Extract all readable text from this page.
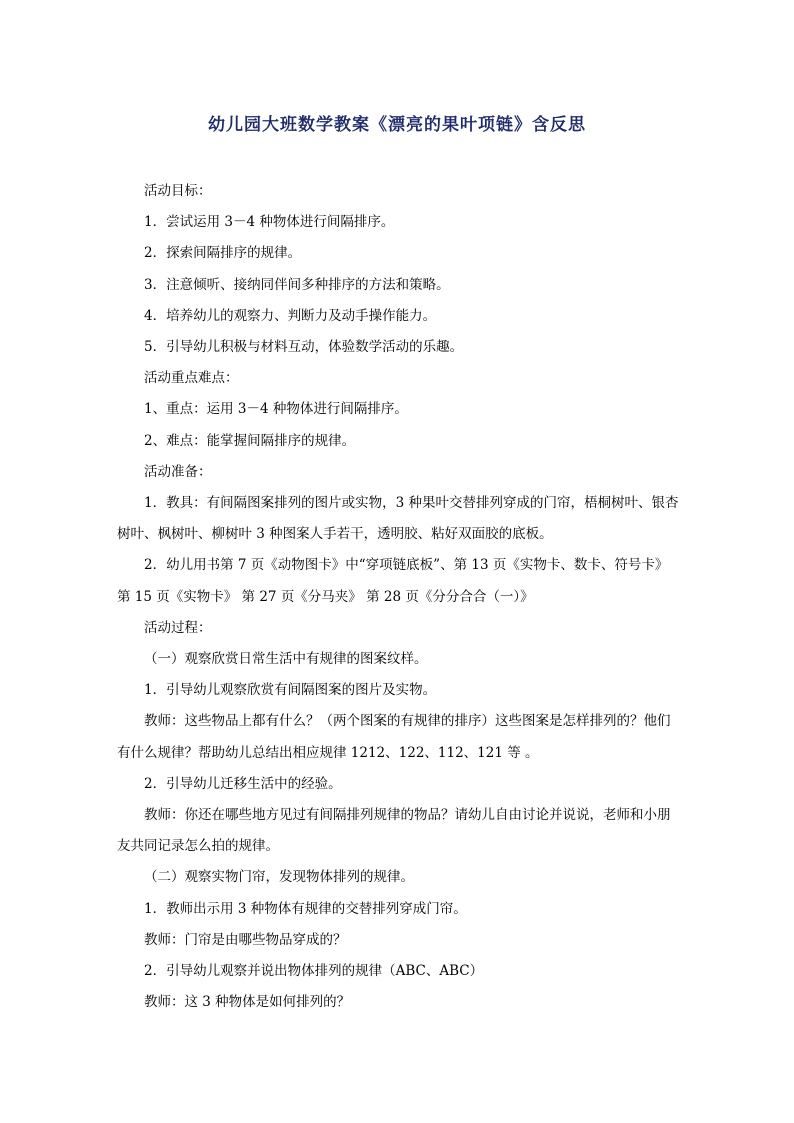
幼儿园大班数学教案《漂亮的果叶项链》含反思

活动目标：

1．尝试运用 3－4 种物体进行间隔排序。

2．探索间隔排序的规律。

3．注意倾听、接纳同伴间多种排序的方法和策略。

4．培养幼儿的观察力、判断力及动手操作能力。

5．引导幼儿积极与材料互动，体验数学活动的乐趣。

活动重点难点：

1、重点：运用 3－4 种物体进行间隔排序。

2、难点：能掌握间隔排序的规律。

活动准备：

1．教具：有间隔图案排列的图片或实物，3 种果叶交替排列穿成的门帘，梧桐树叶、银杏树叶、枫树叶、柳树叶 3 种图案人手若干，透明胶、粘好双面胶的底板。

2．幼儿用书第 7 页《动物图卡》中“穿项链底板”、第 13 页《实物卡、数卡、符号卡》第 15 页《实物卡》 第 27 页《分马夹》 第 28 页《分分合合（一）》

活动过程：

（一）观察欣赏日常生活中有规律的图案纹样。

1．引导幼儿观察欣赏有间隔图案的图片及实物。

教师：这些物品上都有什么？（两个图案的有规律的排序）这些图案是怎样排列的？他们有什么规律？帮助幼儿总结出相应规律 1212、122、112、121 等 。

2．引导幼儿迁移生活中的经验。

教师：你还在哪些地方见过有间隔排列规律的物品？请幼儿自由讨论并说说，老师和小朋友共同记录怎么拍的规律。

（二）观察实物门帘，发现物体排列的规律。

1．教师出示用 3 种物体有规律的交替排列穿成门帘。

教师：门帘是由哪些物品穿成的？

2．引导幼儿观察并说出物体排列的规律（ABC、ABC）

教师：这 3 种物体是如何排列的？
